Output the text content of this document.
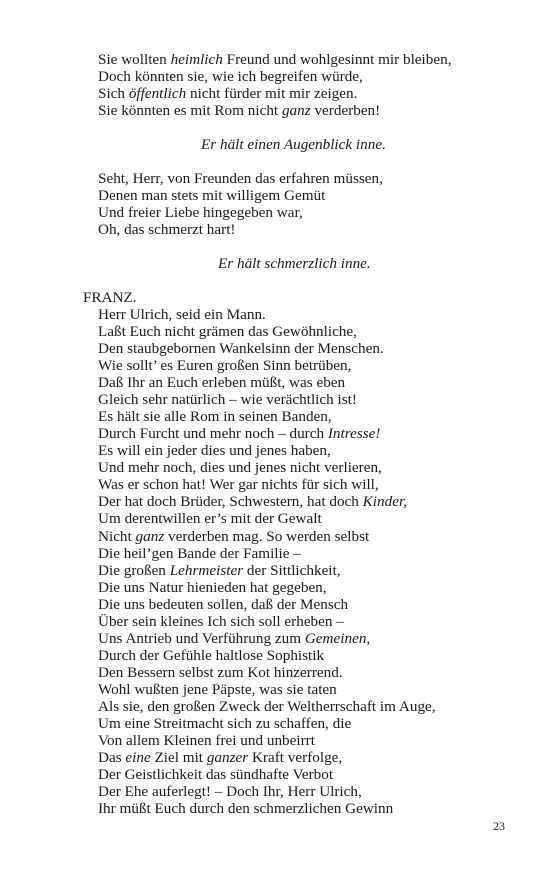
Sie wollten heimlich Freund und wohlgesinnt mir bleiben,
Doch könnten sie, wie ich begreifen würde,
Sich öffentlich nicht fürder mit mir zeigen.
Sie könnten es mit Rom nicht ganz verderben!
Er hält einen Augenblick inne.
Seht, Herr, von Freunden das erfahren müssen,
Denen man stets mit willigem Gemüt
Und freier Liebe hingegeben war,
Oh, das schmerzt hart!
Er hält schmerzlich inne.
FRANZ.
Herr Ulrich, seid ein Mann.
Laßt Euch nicht grämen das Gewöhnliche,
Den staubgebornen Wankelsinn der Menschen.
Wie sollt’ es Euren großen Sinn betrüben,
Daß Ihr an Euch erleben müßt, was eben
Gleich sehr natürlich – wie verächtlich ist!
Es hält sie alle Rom in seinen Banden,
Durch Furcht und mehr noch – durch Intresse!
Es will ein jeder dies und jenes haben,
Und mehr noch, dies und jenes nicht verlieren,
Was er schon hat! Wer gar nichts für sich will,
Der hat doch Brüder, Schwestern, hat doch Kinder,
Um derentwillen er’s mit der Gewalt
Nicht ganz verderben mag. So werden selbst
Die heil’gen Bande der Familie –
Die großen Lehrmeister der Sittlichkeit,
Die uns Natur hienieden hat gegeben,
Die uns bedeuten sollen, daß der Mensch
Über sein kleines Ich sich soll erheben –
Uns Antrieb und Verführung zum Gemeinen,
Durch der Gefühle haltlose Sophistik
Den Bessern selbst zum Kot hinzerrend.
Wohl wußten jene Päpste, was sie taten
Als sie, den großen Zweck der Weltherrschaft im Auge,
Um eine Streitmacht sich zu schaffen, die
Von allem Kleinen frei und unbeirrt
Das eine Ziel mit ganzer Kraft verfolge,
Der Geistlichkeit das sündhafte Verbot
Der Ehe auferlegt! – Doch Ihr, Herr Ulrich,
Ihr müßt Euch durch den schmerzlichen Gewinn
23
